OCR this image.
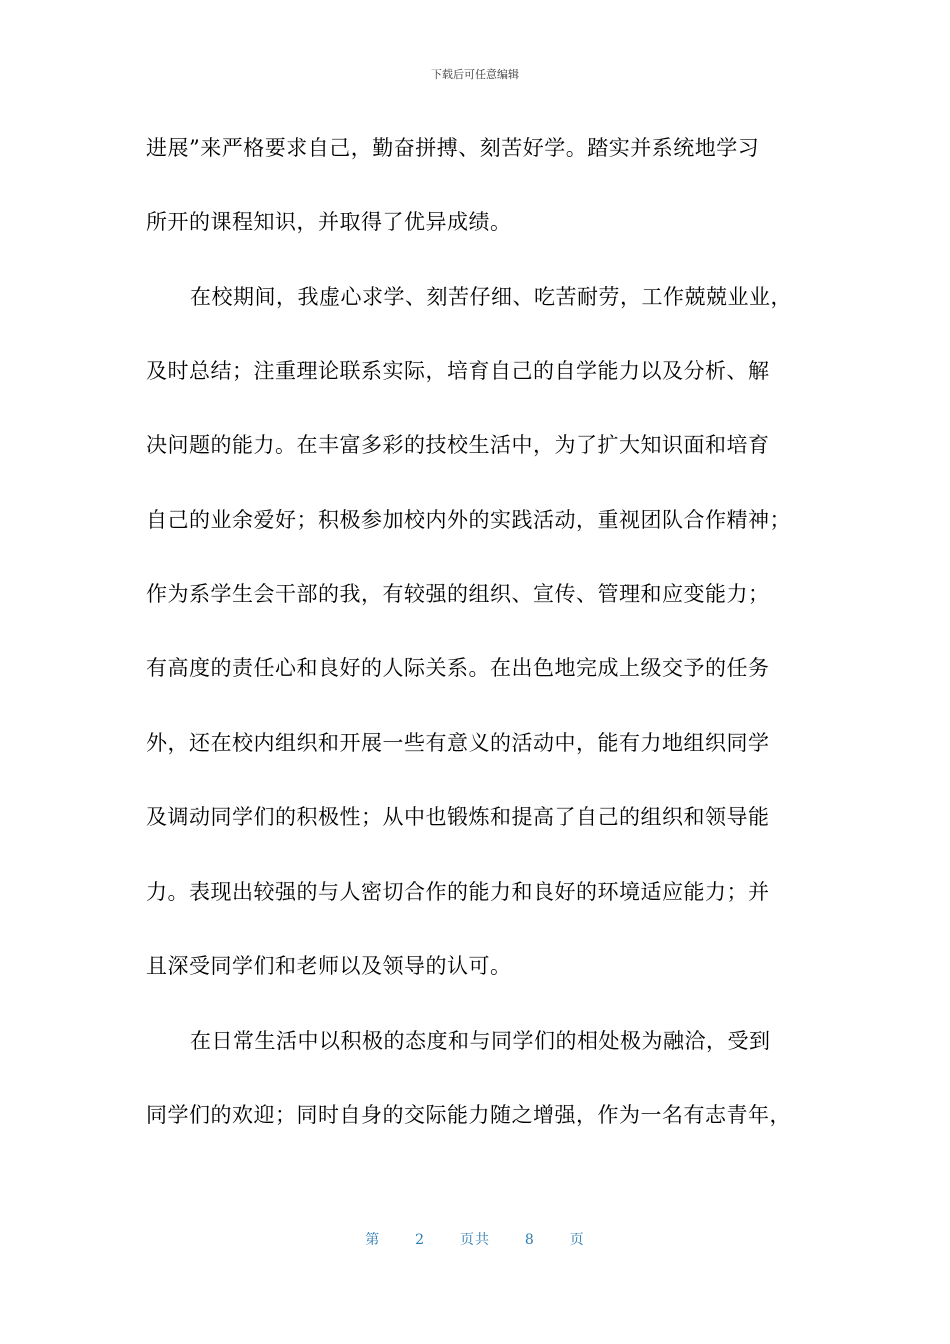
下载后可任意编辑
进展”来严格要求自己，勤奋拼搏、刻苦好学。踏实并系统地学习
所开的课程知识，并取得了优异成绩。
在校期间，我虚心求学、刻苦仔细、吃苦耐劳，工作兢兢业业，
及时总结；注重理论联系实际，培育自己的自学能力以及分析、解
决问题的能力。在丰富多彩的技校生活中，为了扩大知识面和培育
自己的业余爱好；积极参加校内外的实践活动，重视团队合作精神；
作为系学生会干部的我，有较强的组织、宣传、管理和应变能力；
有高度的责任心和良好的人际关系。在出色地完成上级交予的任务
外，还在校内组织和开展一些有意义的活动中，能有力地组织同学
及调动同学们的积极性；从中也锻炼和提高了自己的组织和领导能
力。表现出较强的与人密切合作的能力和良好的环境适应能力；并
且深受同学们和老师以及领导的认可。
在日常生活中以积极的态度和与同学们的相处极为融洽，受到
同学们的欢迎；同时自身的交际能力随之增强，作为一名有志青年，
第 2 页共 8 页
